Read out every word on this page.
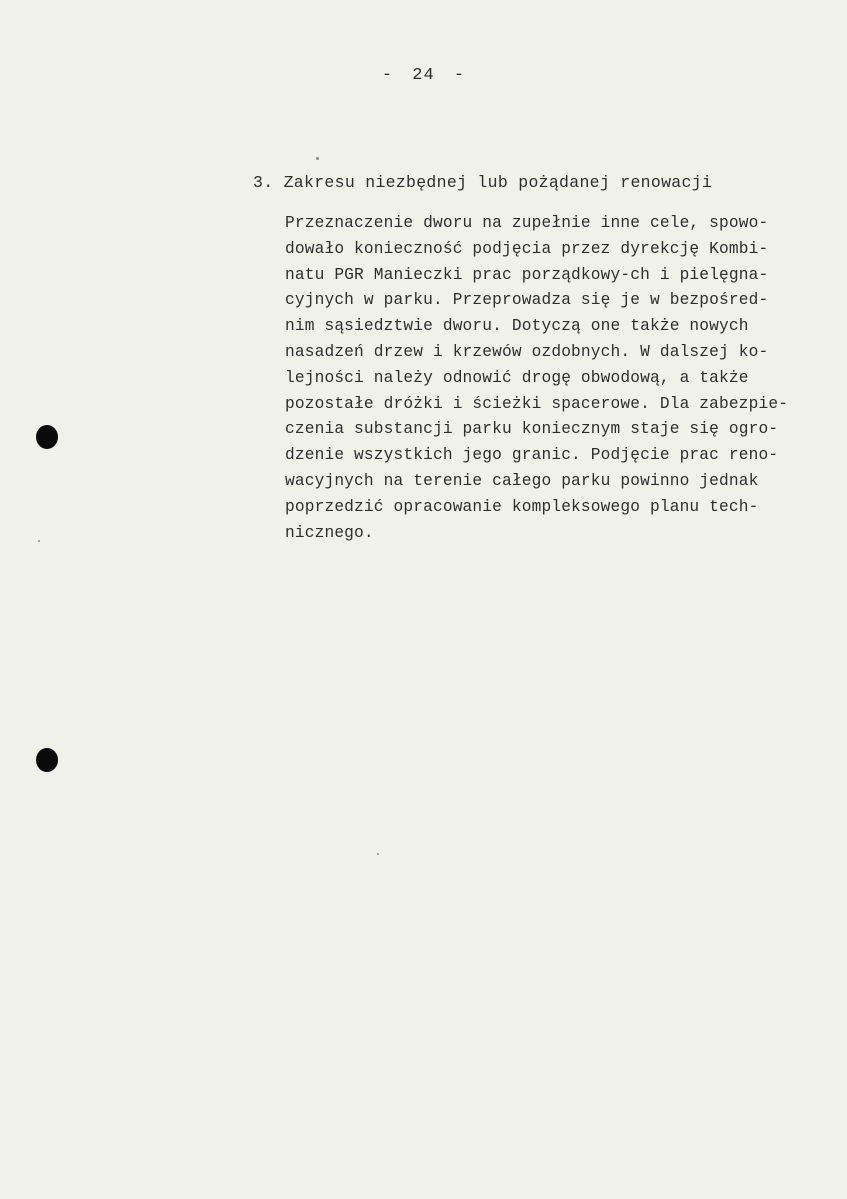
- 24 -
3. Zakresu niezbędnej lub pożądanej renowacji
Przeznaczenie dworu na zupełnie inne cele, spowo-
dowało konieczność podjęcia przez dyrekcję Kombi-
natu PGR Manieczki prac porządkowy-ch i pielęgna-
cyjnych w parku. Przeprowadza się je w bezpośred-
nim sąsiedztwie dworu. Dotyczą one także nowych
nasadzeń drzew i krzewów ozdobnych. W dalszej ko-
lejności należy odnowić drogę obwodową, a także
pozostałe dróżki i ścieżki spacerowe. Dla zabezpie-
czenia substancji parku koniecznym staje się ogro-
dzenie wszystkich jego granic. Podjęcie prac reno-
wacyjnych na terenie całego parku powinno jednak
poprzedzić opracowanie kompleksowego planu tech-
nicznego.
